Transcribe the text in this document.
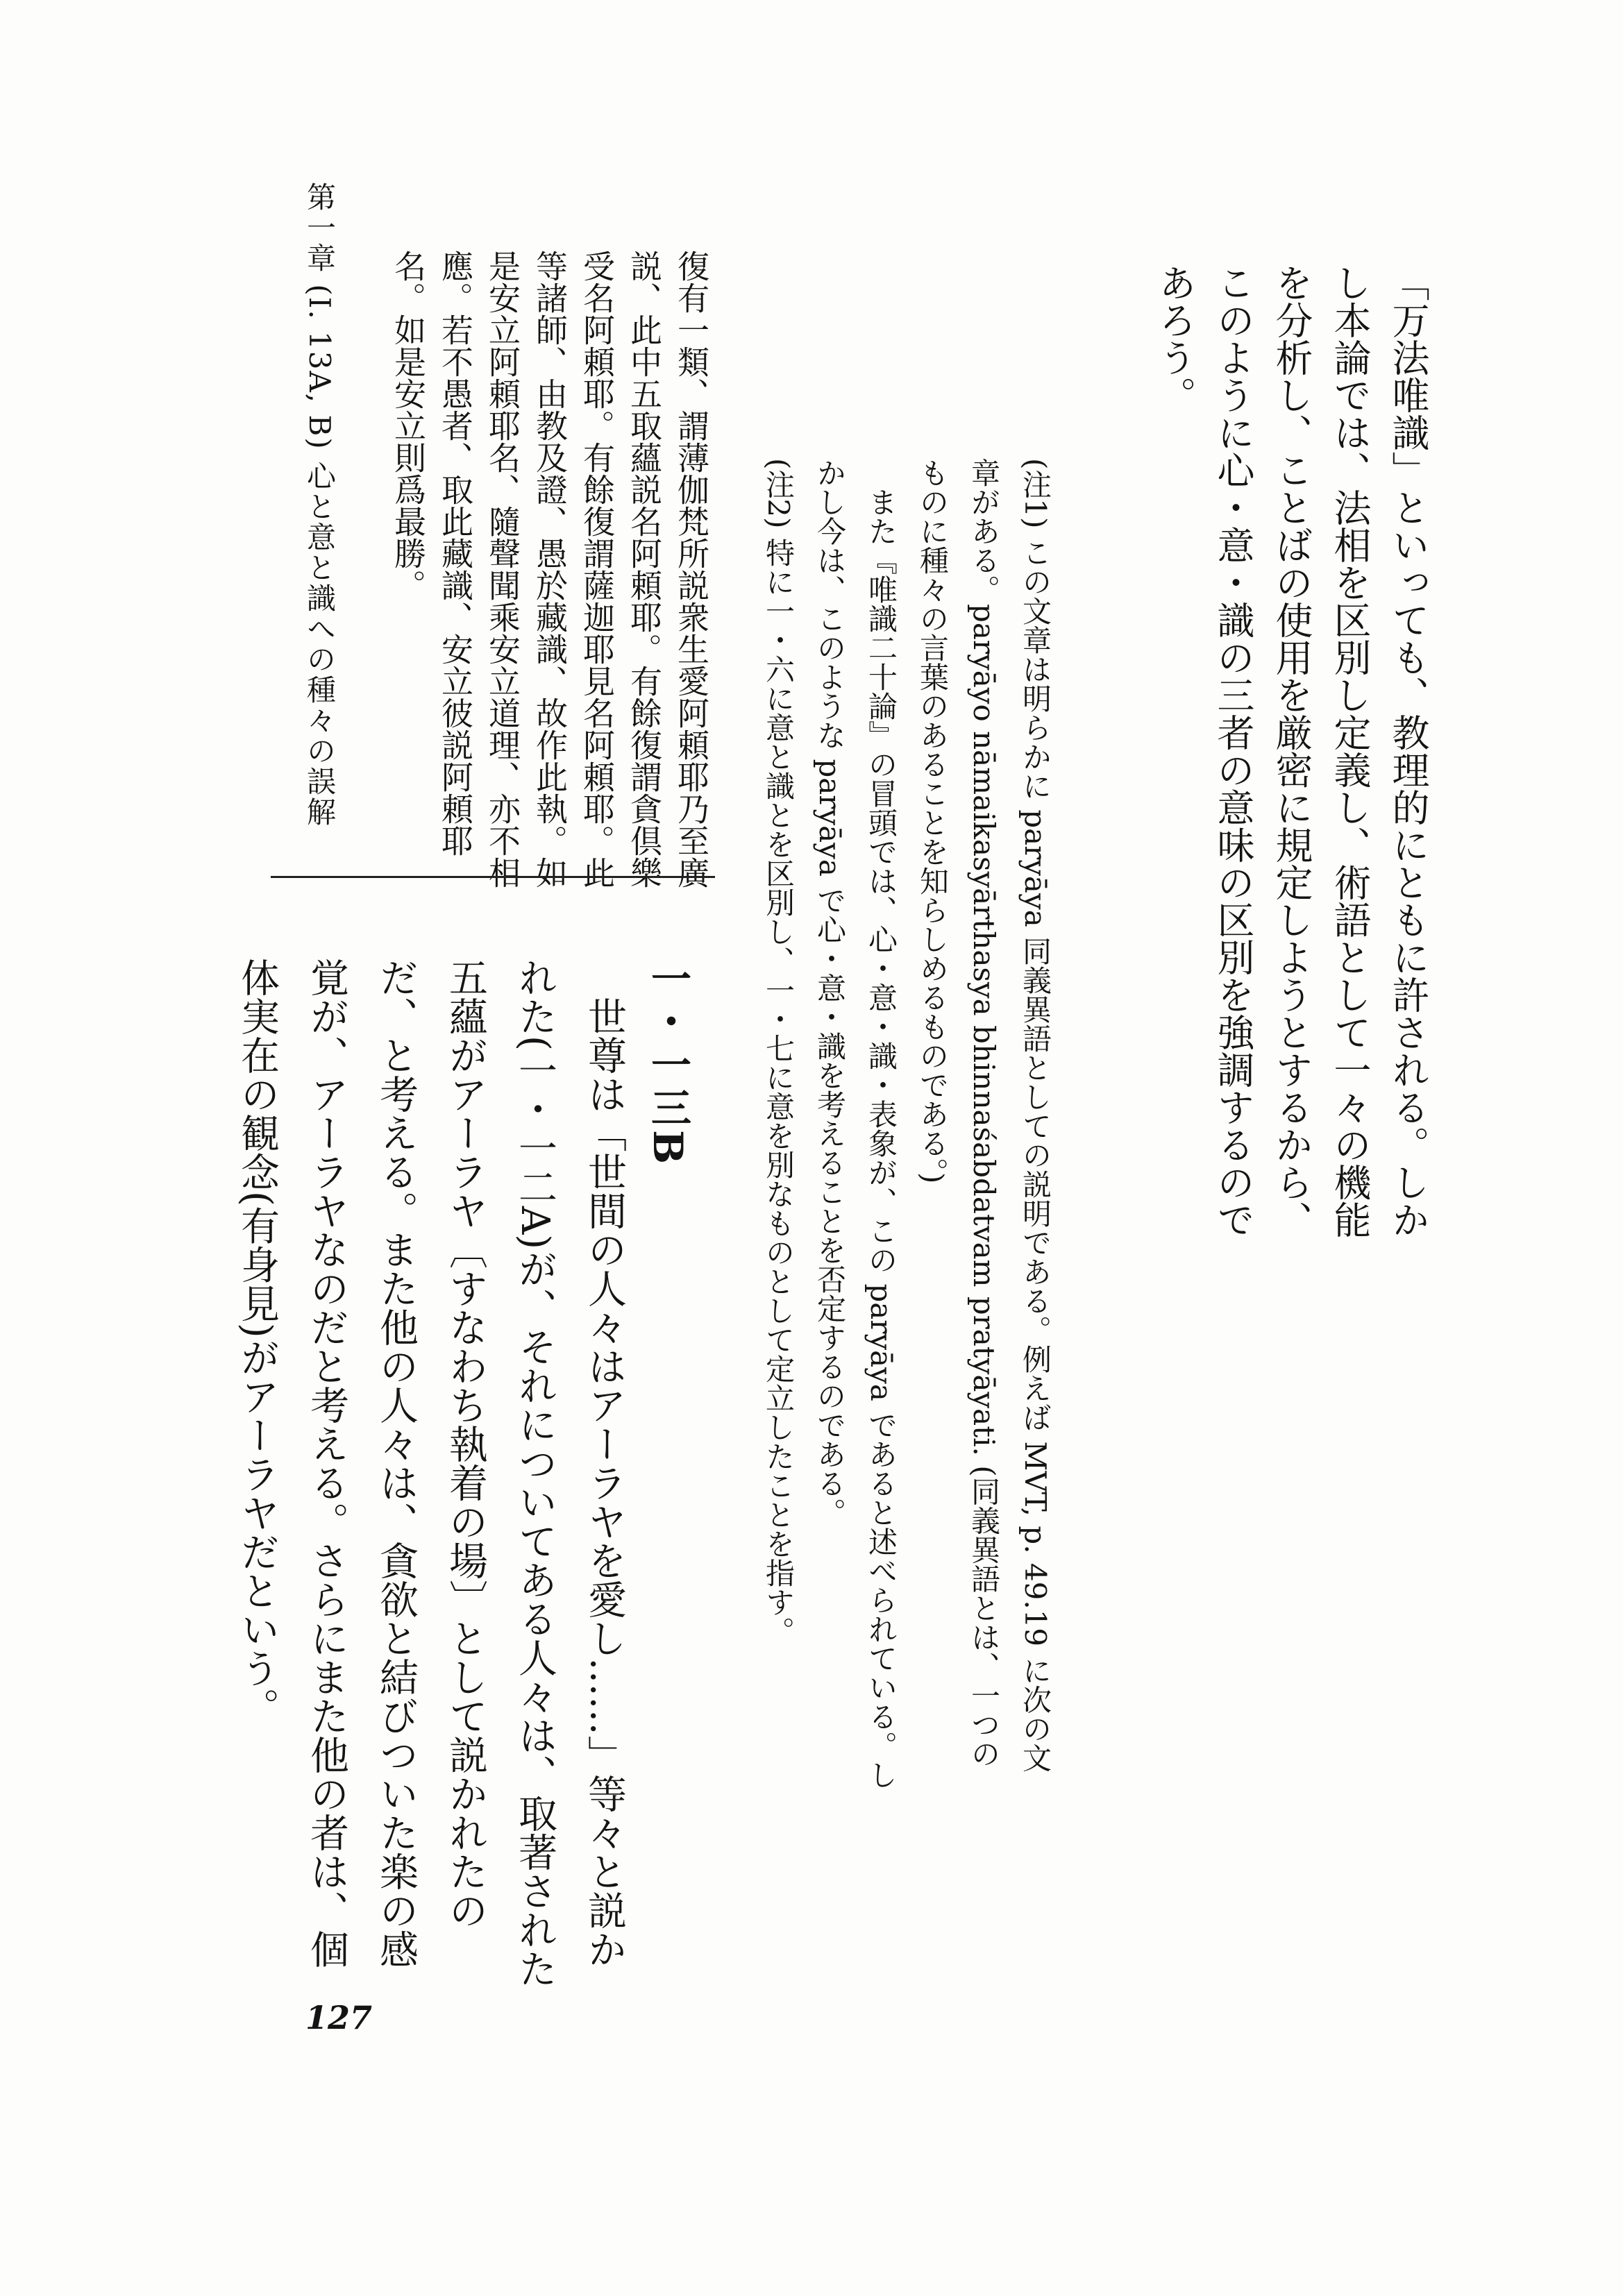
第一章 (I. 13A, B) 心と意と識への種々の誤解	「万法唯識」といっても、教理的にともに許される。しかし本論では、法相を区別し定義し、術語として一々の機能を分析し、ことばの使用を厳密に規定しようとするから、このように心・意・識の三者の意味の区別を強調するのであろう。

(注1) この文章は明らかに paryāya 同義異語としての説明である。例えば MVT, p. 49.19 に次の文章がある。paryāyo nāmaikasyārthasya bhinnaśabdatvam pratyāyati. (同義異語とは、一つのものに種々の言葉のあることを知らしめるものである。)

また『唯識二十論』の冒頭では、心・意・識・表象が、この paryāya であると述べられている。しかし今は、このような paryāya で心・意・識を考えることを否定するのである。

(注2) 特に一・六に意と識とを区別し、一・七に意を別なものとして定立したことを指す。

復有一類、謂薄伽梵所説衆生愛阿頼耶乃至廣説、此中五取蘊説名阿頼耶。有餘復謂貪倶樂受名阿頼耶。有餘復謂薩迦耶見名阿頼耶。此等諸師、由教及證、愚於藏識、故作此執。如是安立阿頼耶名、隨聲聞乘安立道理、亦不相應。若不愚者、取此藏識、安立彼説阿頼耶名。如是安立則爲最勝。
一・一三B

世尊は「世間の人々はアーラヤを愛し……」等々と説かれた(一・一二A)が、それについてある人々は、取著された五蘊がアーラヤ〔すなわち執着の場〕として説かれたのだ、と考える。また他の人々は、貪欲と結びついた楽の感覚が、アーラヤなのだと考える。さらにまた他の者は、個体実在の観念(有身見)がアーラヤだという。

127
